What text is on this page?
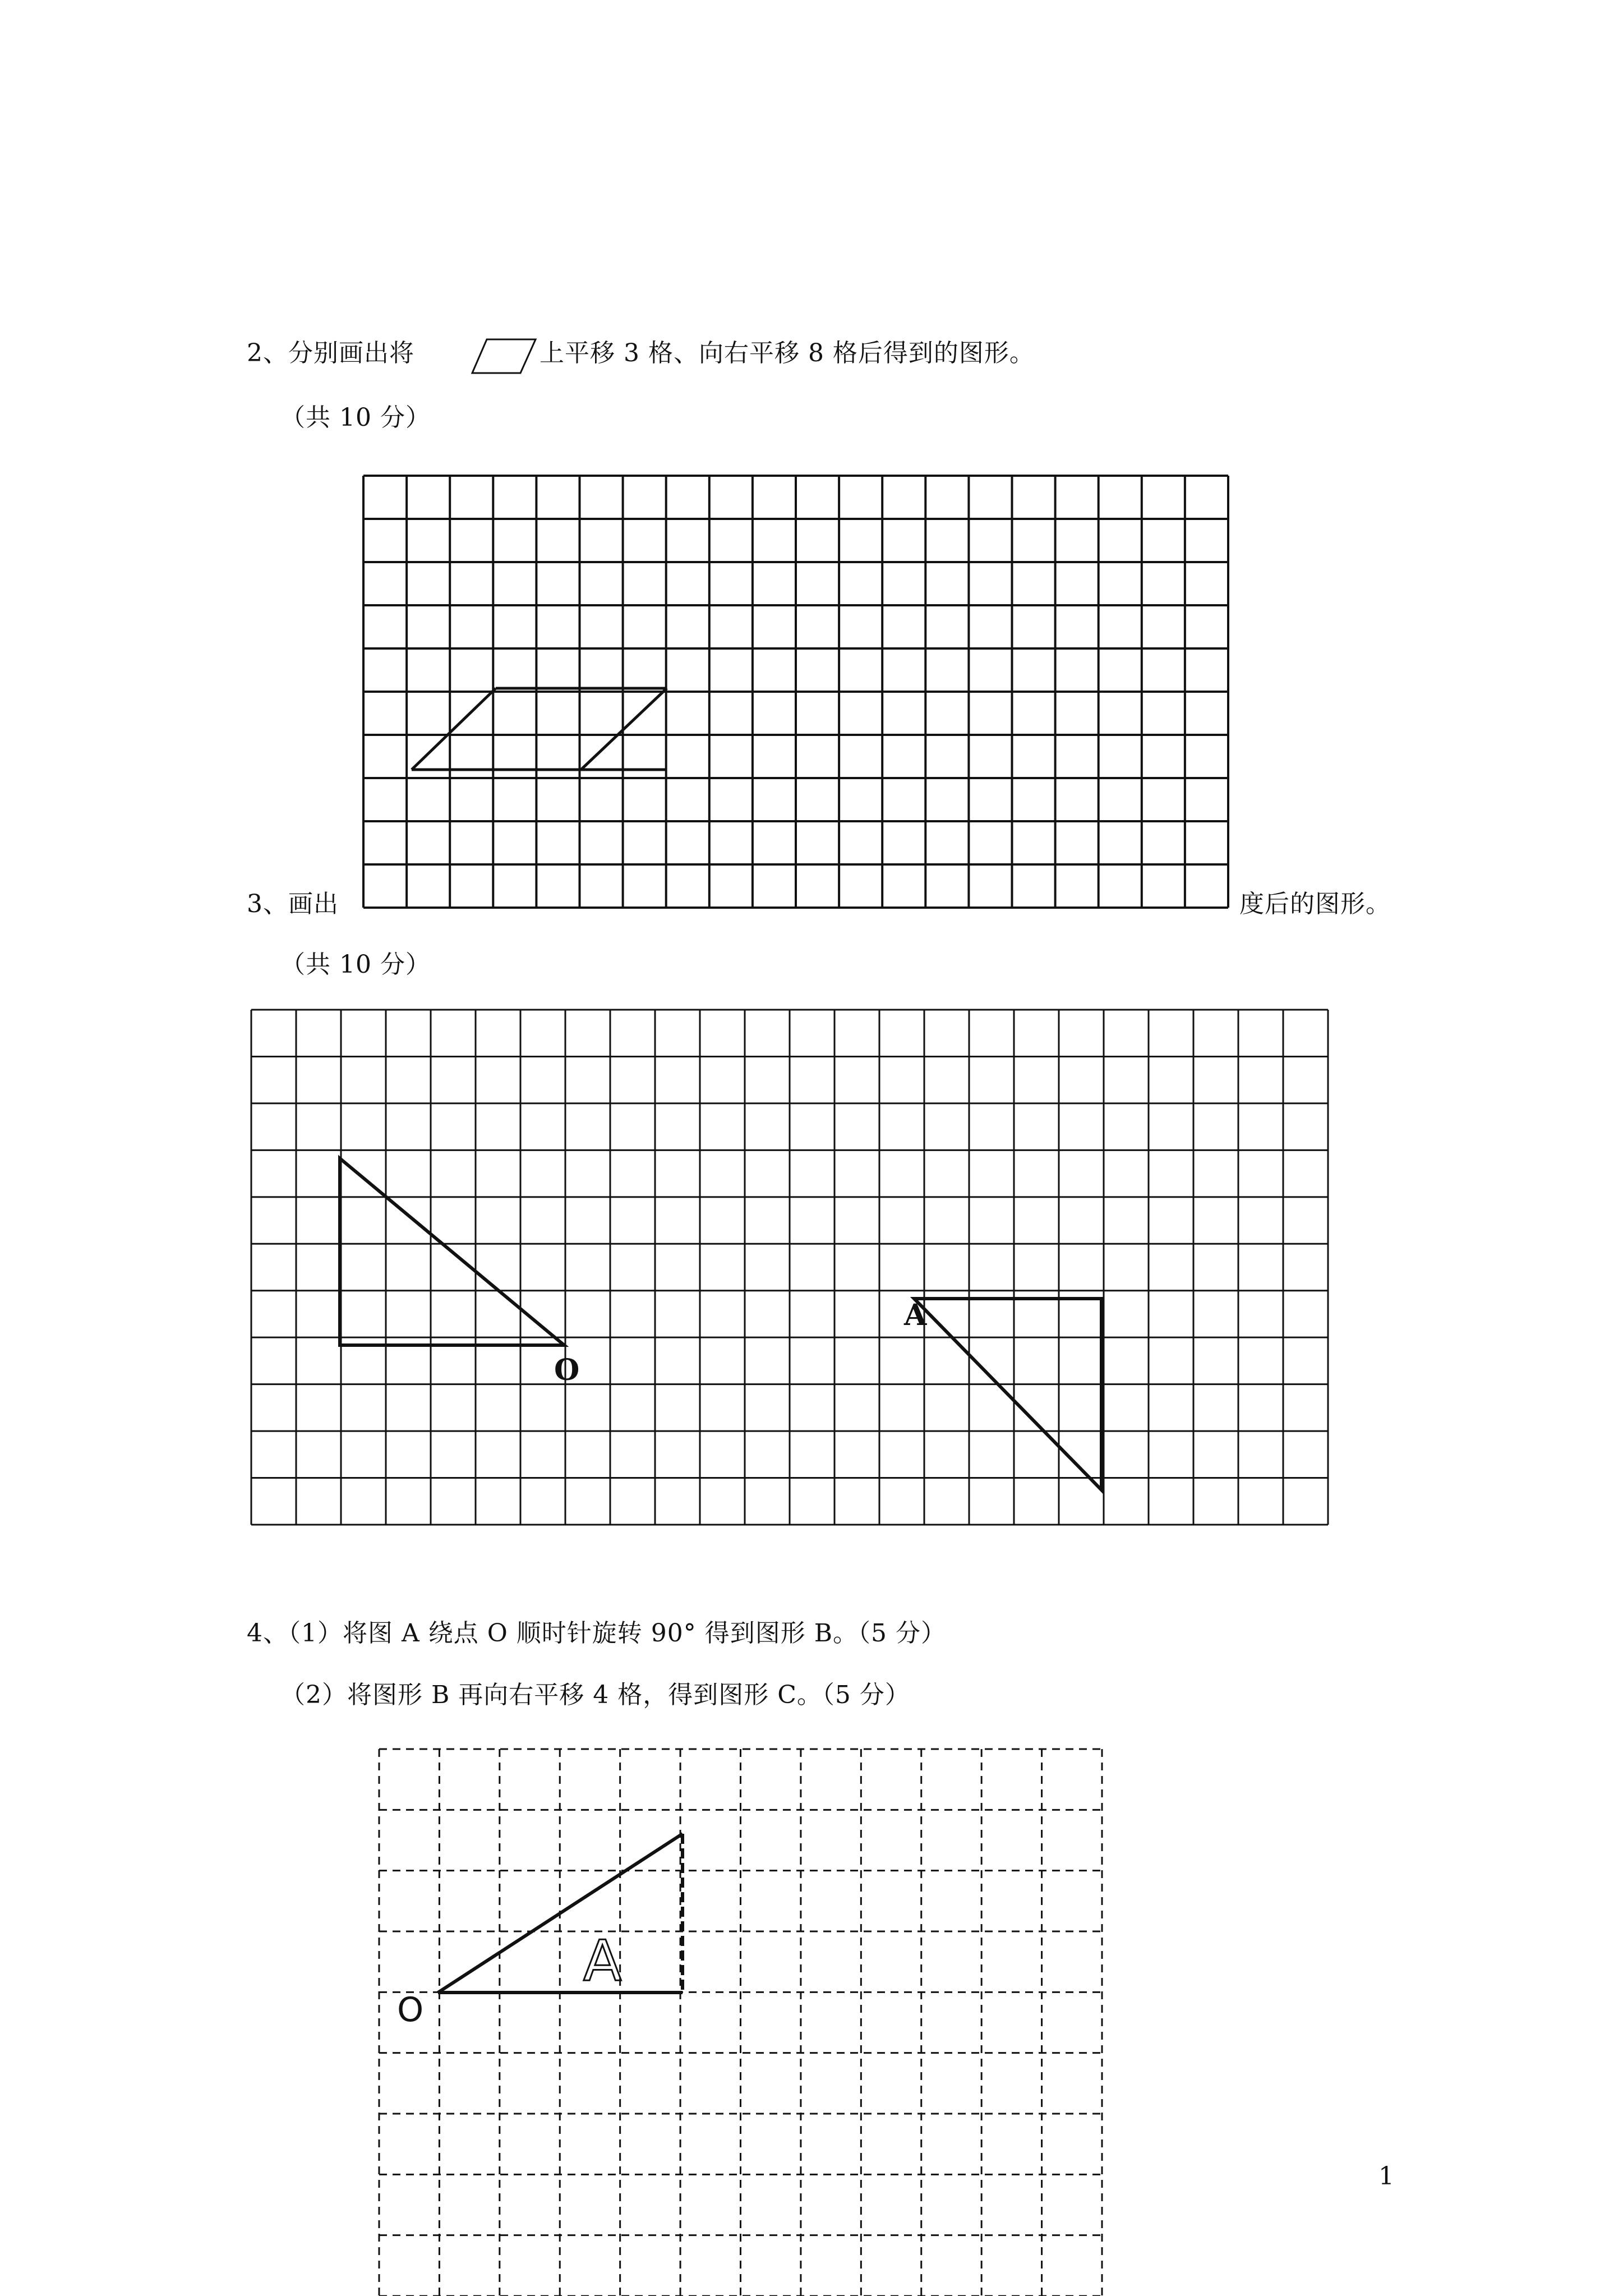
2、分别画出将	上平移 3 格、向右平移 8 格后得到的图形。
（共 10 分）
3、画出	度后的图形。
（共 10 分）
O
A
4、（1）将图 A 绕点 O 顺时针旋转 90° 得到图形 B。（5 分）
（2）将图形 B 再向右平移 4 格，得到图形 C。（5 分）
A
O
1
